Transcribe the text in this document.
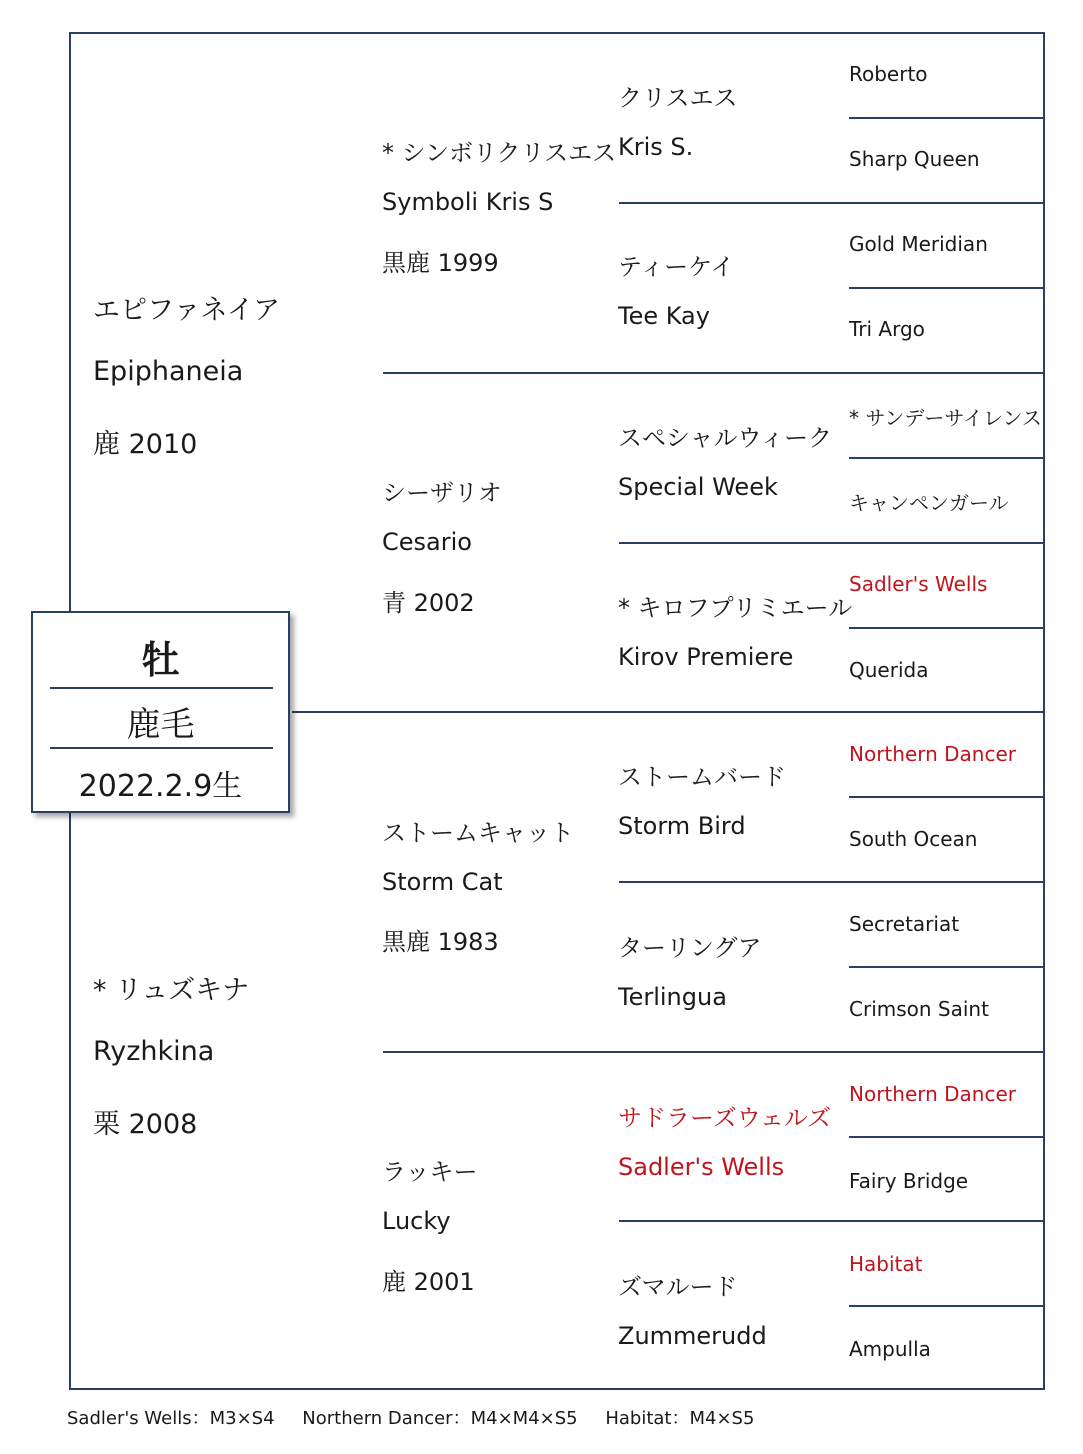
エピファネイア
Epiphaneia
鹿 2010
* リュズキナ
Ryzhkina
栗 2008
* シンボリクリスエス
Symboli Kris S
黒鹿 1999
シーザリオ
Cesario
青 2002
ストームキャット
Storm Cat
黒鹿 1983
ラッキー
Lucky
鹿 2001
クリスエス
Kris S.
ティーケイ
Tee Kay
スペシャルウィーク
Special Week
* キロフプリミエール
Kirov Premiere
ストームバード
Storm Bird
ターリングア
Terlingua
サドラーズウェルズ
Sadler's Wells
ズマルード
Zummerudd
Roberto
Sharp Queen
Gold Meridian
Tri Argo
* サンデーサイレンス
キャンペンガール
Sadler's Wells
Querida
Northern Dancer
South Ocean
Secretariat
Crimson Saint
Northern Dancer
Fairy Bridge
Habitat
Ampulla
牡
鹿毛
2022.2.9生
Sadler's Wells：M3×S4 Northern Dancer：M4×M4×S5 Habitat：M4×S5
